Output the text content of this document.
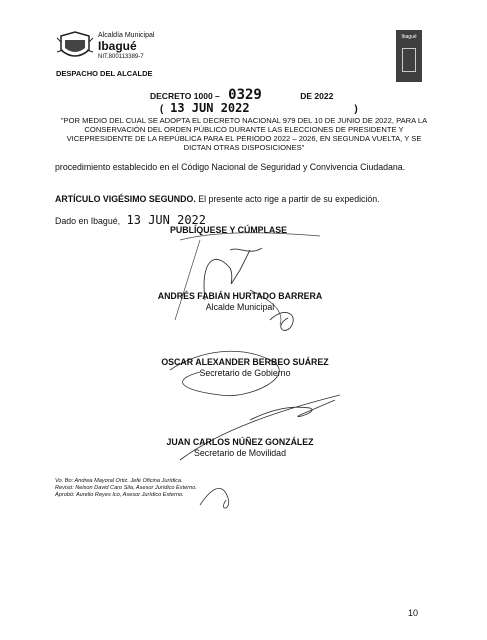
Alcaldía Municipal
Ibagué
NIT.800113389-7
Ibagué
DESPACHO DEL ALCALDE
DECRETO 1000 – 0329	DE 2022
( 13 JUN 2022	)
"POR MEDIO DEL CUAL SE ADOPTA EL DECRETO NACIONAL 979 DEL 10 DE JUNIO DE 2022, PARA LA CONSERVACIÓN DEL ORDEN PÚBLICO DURANTE LAS ELECCIONES DE PRESIDENTE Y VICEPRESIDENTE DE LA REPÚBLICA PARA EL PERIODO 2022 – 2026, EN SEGUNDA VUELTA, Y SE DICTAN OTRAS DISPOSICIONES"
procedimiento establecido en el Código Nacional de Seguridad y Convivencia Ciudadana.
ARTÍCULO VIGÉSIMO SEGUNDO. El presente acto rige a partir de su expedición.
Dado en Ibagué, 13 JUN 2022
PUBLÍQUESE Y CÚMPLASE
ANDRÉS FABIÁN HURTADO BARRERA
Alcalde Municipal
OSCAR ALEXANDER BERBEO SUÁREZ
Secretario de Gobierno
JUAN CARLOS NÚÑEZ GONZÁLEZ
Secretario de Movilidad
Vo. Bo: Andrea Mayoral Ortiz. Jefe Oficina Jurídica.
Revisó: Nelson David Caro Sila, Asesor Jurídico Externo.
Aprobó: Aurelio Reyes Ico, Asesor Jurídico Externo.
10
